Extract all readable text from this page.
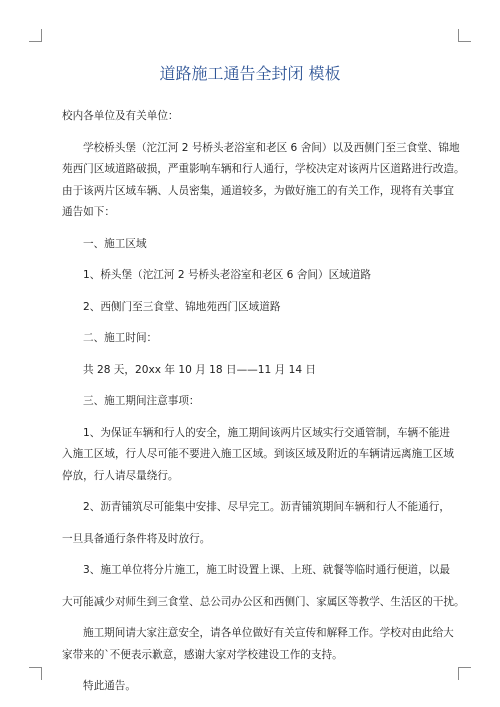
道路施工通告全封闭 模板
校内各单位及有关单位：
学校桥头堡（沱江河 2 号桥头老浴室和老区 6 舍间）以及西侧门至三食堂、锦地
苑西门区域道路破损，严重影响车辆和行人通行，学校决定对该两片区道路进行改造。
由于该两片区域车辆、人员密集，通道较多，为做好施工的有关工作，现将有关事宜
通告如下：
一、施工区域
1、桥头堡（沱江河 2 号桥头老浴室和老区 6 舍间）区域道路
2、西侧门至三食堂、锦地苑西门区域道路
二、施工时间：
共 28 天，20xx 年 10 月 18 日——11 月 14 日
三、施工期间注意事项：
1、为保证车辆和行人的安全，施工期间该两片区域实行交通管制，车辆不能进
入施工区域，行人尽可能不要进入施工区域。到该区域及附近的车辆请远离施工区域
停放，行人请尽量绕行。
2、沥青铺筑尽可能集中安排、尽早完工。沥青铺筑期间车辆和行人不能通行，
一旦具备通行条件将及时放行。
3、施工单位将分片施工，施工时设置上课、上班、就餐等临时通行便道，以最
大可能减少对师生到三食堂、总公司办公区和西侧门、家属区等教学、生活区的干扰。
施工期间请大家注意安全，请各单位做好有关宣传和解释工作。学校对由此给大
家带来的`不便表示歉意，感谢大家对学校建设工作的支持。
特此通告。
